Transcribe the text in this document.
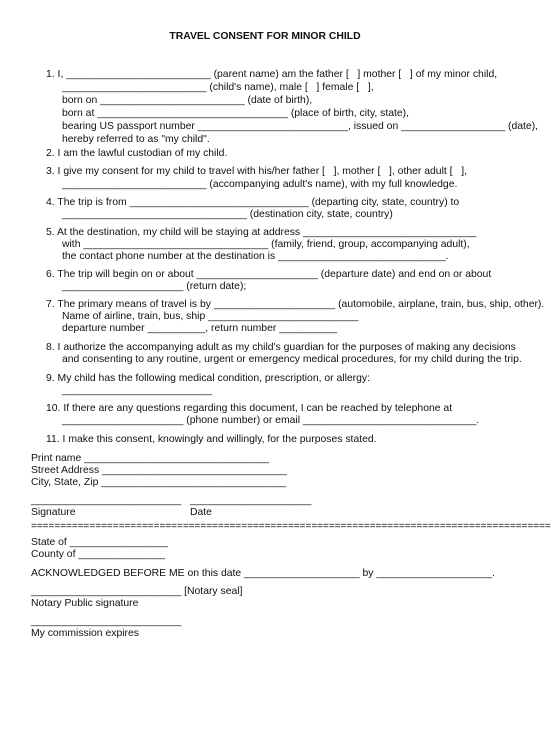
TRAVEL CONSENT FOR MINOR CHILD
1. I, _________________________ (parent name) am the father [   ] mother [   ] of my minor child,
_________________________ (child's name), male [   ] female [   ],
born on _________________________ (date of birth),
born at _________________________________ (place of birth, city, state),
bearing US passport number __________________________, issued on __________________ (date),
hereby referred to as "my child".
2. I am the lawful custodian of my child.
3. I give my consent for my child to travel with his/her father [   ], mother [   ], other adult [   ],
_________________________ (accompanying adult's name), with my full knowledge.
4. The trip is from _______________________________ (departing city, state, country) to
________________________________ (destination city, state, country)
5. At the destination, my child will be staying at address ______________________________
with ________________________________ (family, friend, group, accompanying adult),
the contact phone number at the destination is _____________________________.
6. The trip will begin on or about _____________________ (departure date) and end on or about
_____________________ (return date);
7. The primary means of travel is by _____________________ (automobile, airplane, train, bus, ship, other).
Name of airline, train, bus, ship __________________________
departure number __________, return number __________
8. I authorize the accompanying adult as my child's guardian for the purposes of making any decisions
and consenting to any routine, urgent or emergency medical procedures, for my child during the trip.
9. My child has the following medical condition, prescription, or allergy:
__________________________
10. If there are any questions regarding this document, I can be reached by telephone at
_____________________ (phone number) or email ______________________________.
11. I make this consent, knowingly and willingly, for the purposes stated.
Print name ________________________________
Street Address ________________________________
City, State, Zip ________________________________
__________________________ _____________________
Signature	Date
=========================================================================================
State of _________________
County of _______________
ACKNOWLEDGED BEFORE ME on this date ____________________ by ____________________.
__________________________ [Notary seal]
Notary Public signature
__________________________
My commission expires
